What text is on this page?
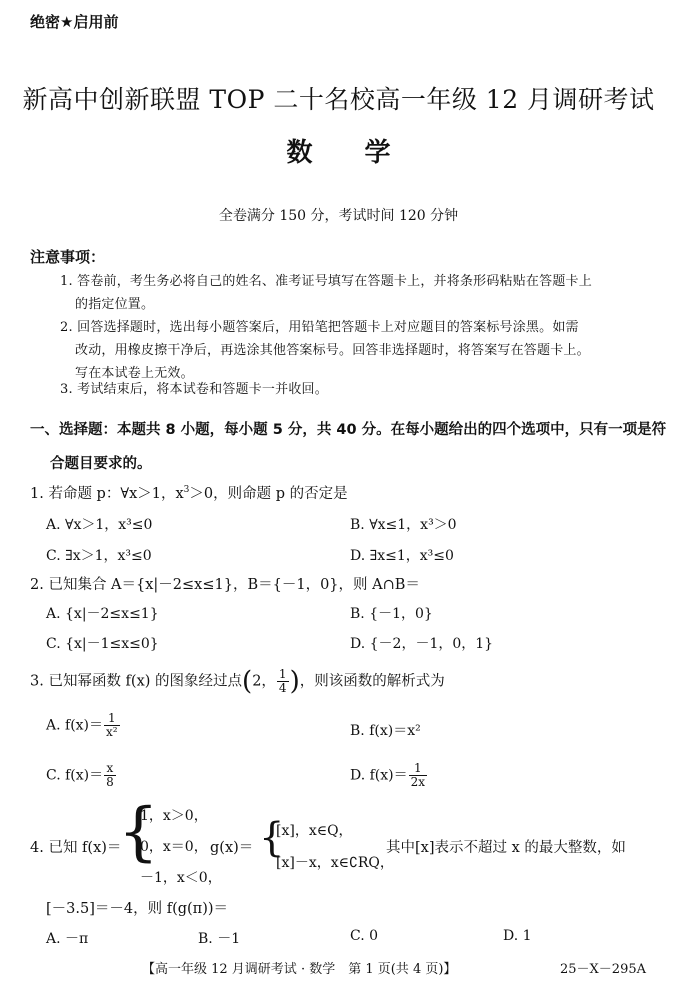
绝密★启用前
新高中创新联盟 TOP 二十名校高一年级 12 月调研考试
数　　学
全卷满分 150 分，考试时间 120 分钟
注意事项：
1. 答卷前，考生务必将自己的姓名、准考证号填写在答题卡上，并将条形码粘贴在答题卡上
的指定位置。
2. 回答选择题时，选出每小题答案后，用铅笔把答题卡上对应题目的答案标号涂黑。如需
改动，用橡皮擦干净后，再选涂其他答案标号。回答非选择题时，将答案写在答题卡上。
写在本试卷上无效。
3. 考试结束后，将本试卷和答题卡一并收回。
一、选择题：本题共 8 小题，每小题 5 分，共 40 分。在每小题给出的四个选项中，只有一项是符
合题目要求的。
1. 若命题 p：∀x＞1，$x^3>0$，则命题 p 的否定是
A. ∀x＞1，x³≤0	B. ∀x≤1，x³＞0
C. ∃x＞1，x³≤0	D. ∃x≤1，x³≤0
2. 已知集合 A＝{x|－2≤x≤1}，B＝{－1，0}，则 A∩B＝
A. {x|－2≤x≤1}	B. {－1，0}
C. {x|－1≤x≤0}	D. {－2，－1，0，1}
3. 已知幂函数 f(x) 的图象经过点(2， $\frac{1}{4}$ )，则该函数的解析式为
A. $f(x)= \frac{1}{\text{x²}}$	B. f(x)＝x²
C. $f(x)= \frac{x}{8}$	D. $f(x)= \frac{1}{2x}$
4. 已知 f(x)＝
{
1，x＞0，
0，x＝0，
－1，x＜0，
g(x)＝ {
[x]，x∈Q，
[x]－x，x∈∁RQ，
其中[x]表示不超过 x 的最大整数，如
[－3.5]＝－4，则 f(g(π))＝
A. －π	B. －1	C. 0	D. 1
【高一年级 12 月调研考试 · 数学　第 1 页(共 4 页)】	25－X－295A
